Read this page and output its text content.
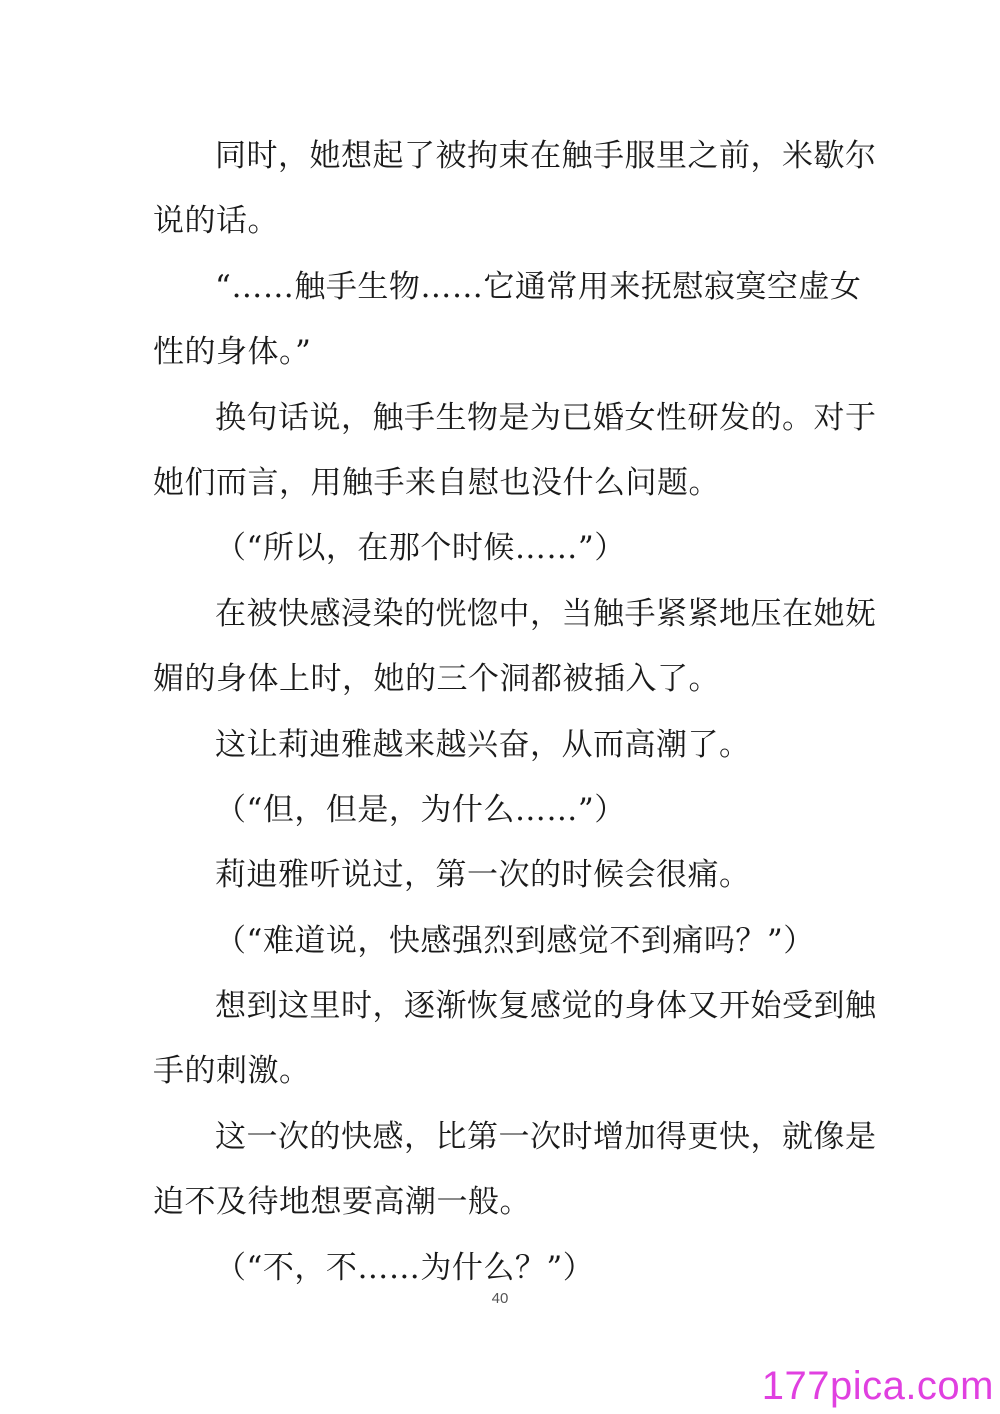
同时，她想起了被拘束在触手服里之前，米歇尔
说的话。
“……触手生物……它通常用来抚慰寂寞空虚女
性的身体。”
换句话说，触手生物是为已婚女性研发的。对于
她们而言，用触手来自慰也没什么问题。
（“所以，在那个时候……”）
在被快感浸染的恍惚中，当触手紧紧地压在她妩
媚的身体上时，她的三个洞都被插入了。
这让莉迪雅越来越兴奋，从而高潮了。
（“但，但是，为什么……”）
莉迪雅听说过，第一次的时候会很痛。
（“难道说，快感强烈到感觉不到痛吗？”）
想到这里时，逐渐恢复感觉的身体又开始受到触
手的刺激。
这一次的快感，比第一次时增加得更快，就像是
迫不及待地想要高潮一般。
（“不，不……为什么？”）
40
177pica.com
